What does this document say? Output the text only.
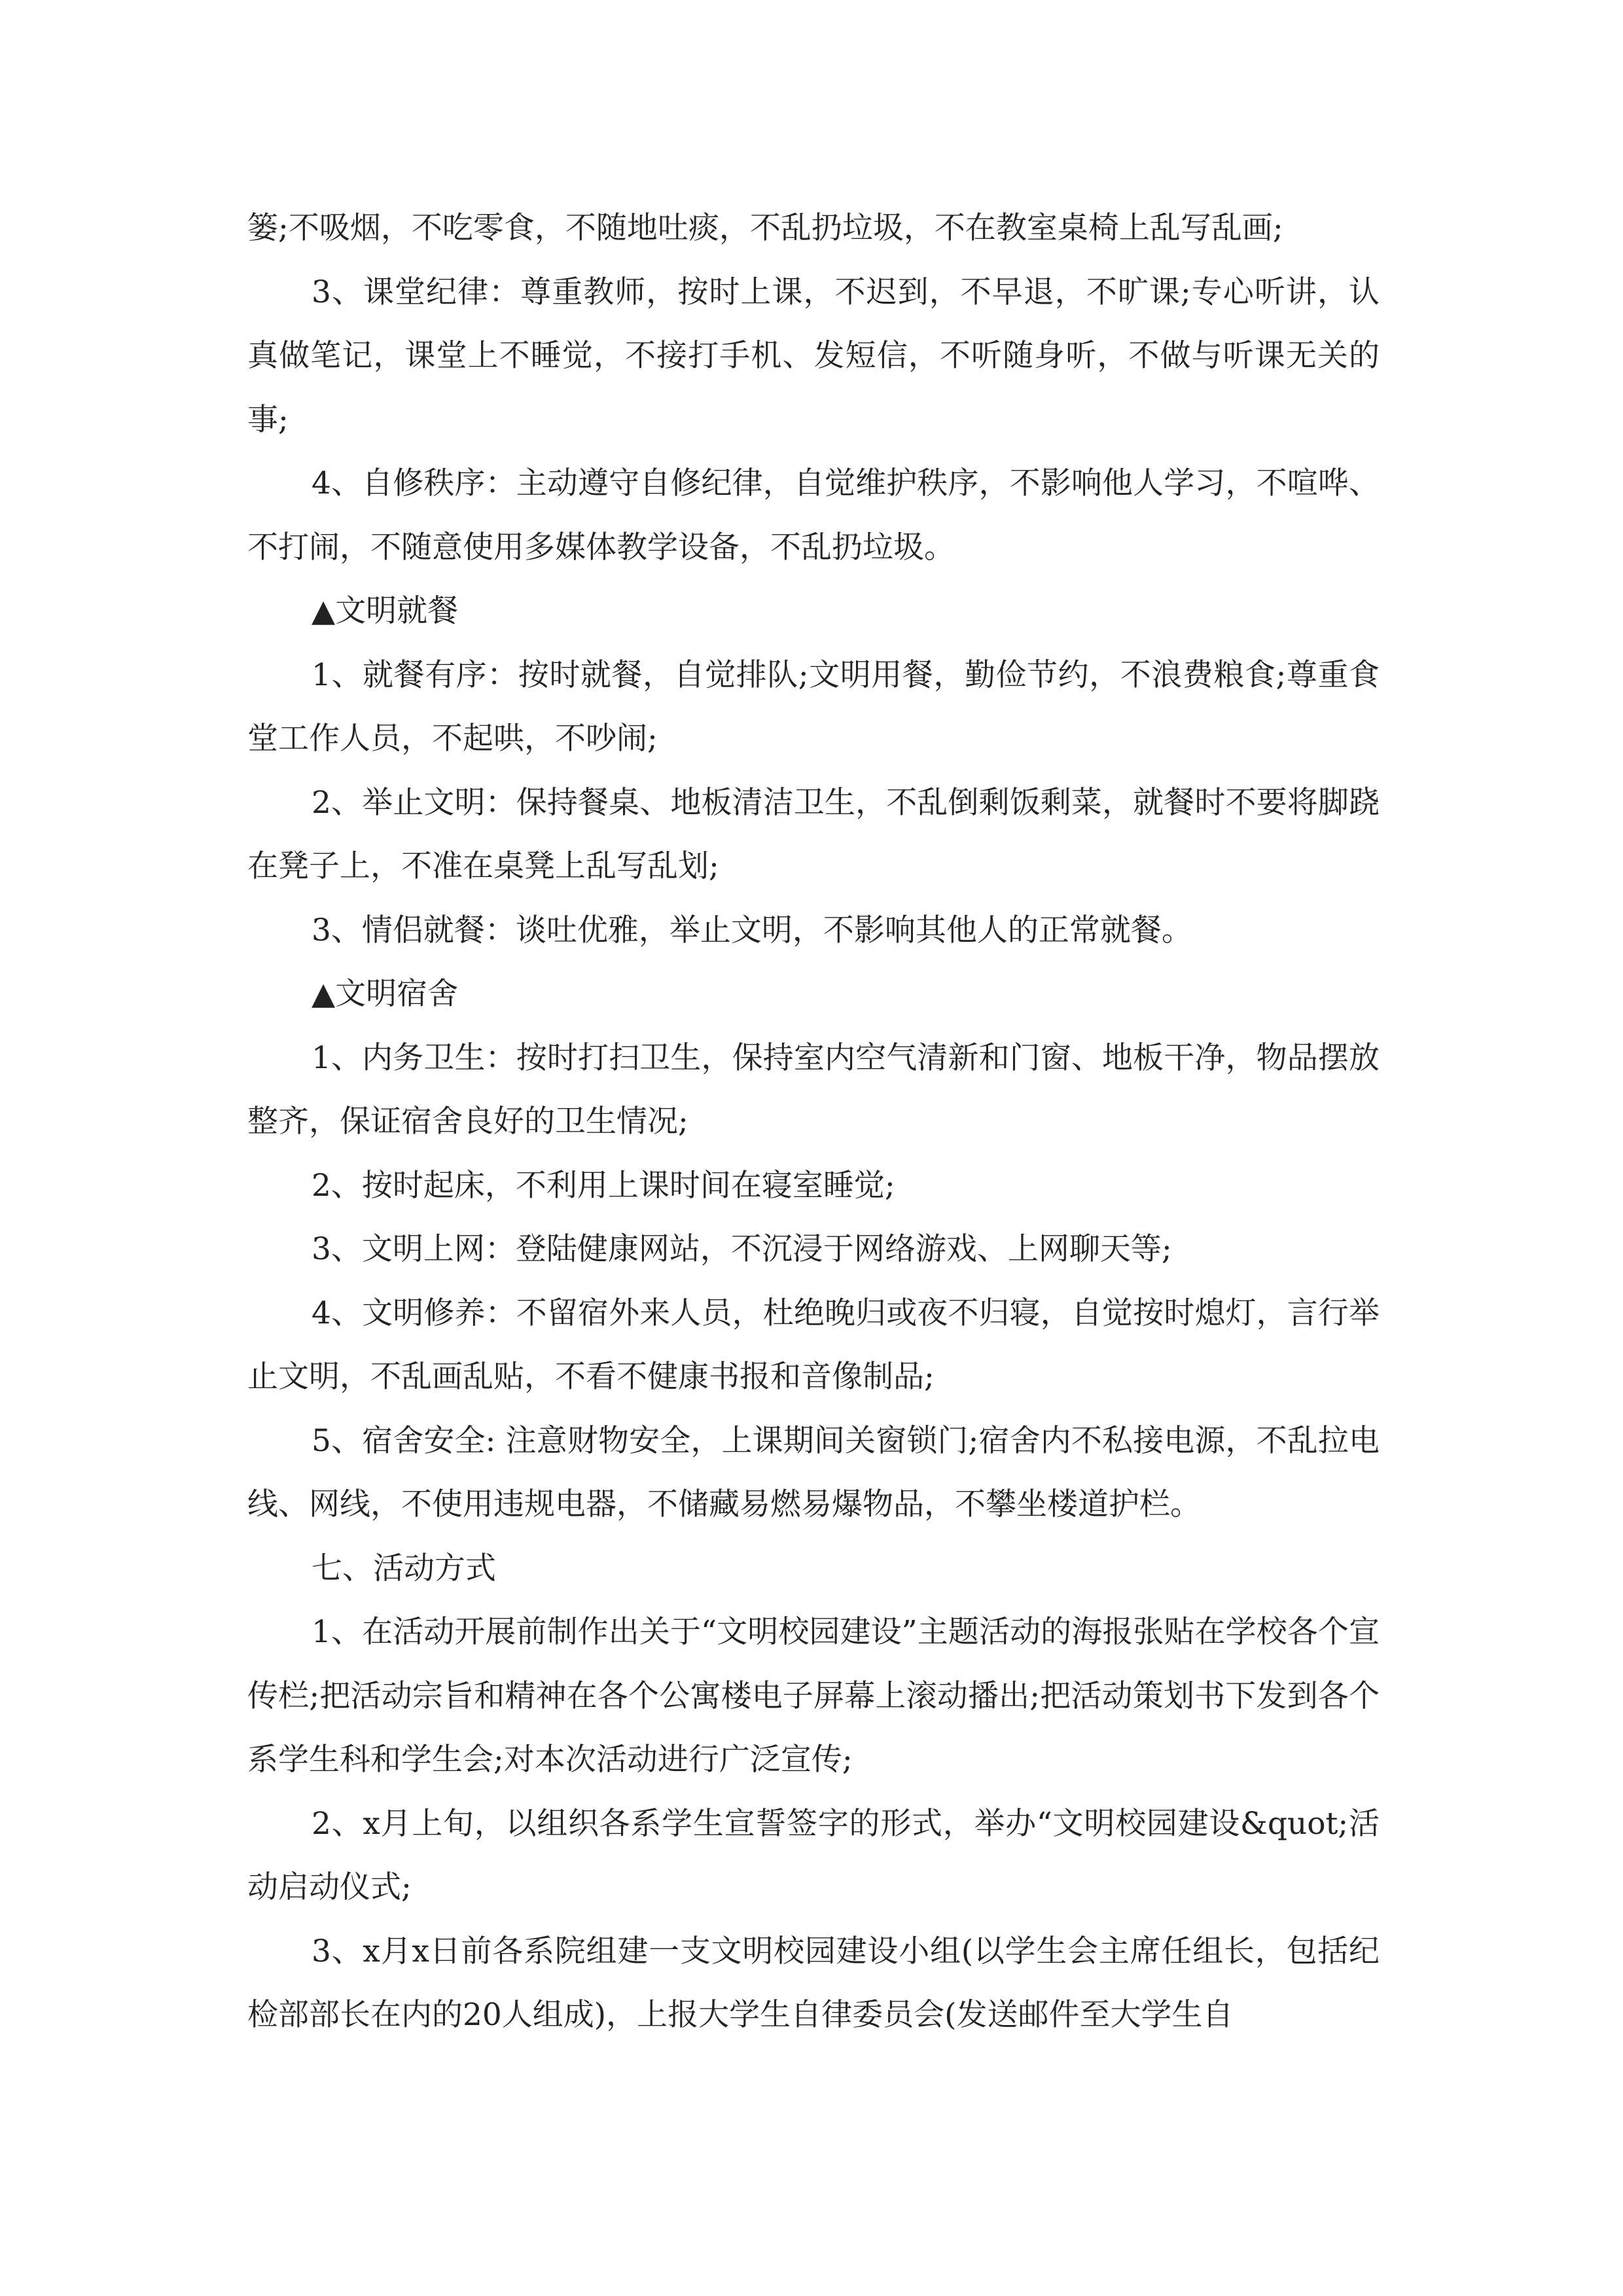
篓;不吸烟，不吃零食，不随地吐痰，不乱扔垃圾，不在教室桌椅上乱写乱画;

3、课堂纪律：尊重教师，按时上课，不迟到，不早退，不旷课;专心听讲，认真做笔记，课堂上不睡觉，不接打手机、发短信，不听随身听，不做与听课无关的事;

4、自修秩序：主动遵守自修纪律，自觉维护秩序，不影响他人学习，不喧哗、不打闹，不随意使用多媒体教学设备，不乱扔垃圾。

▲文明就餐

1、就餐有序：按时就餐，自觉排队;文明用餐，勤俭节约，不浪费粮食;尊重食堂工作人员，不起哄，不吵闹;

2、举止文明：保持餐桌、地板清洁卫生，不乱倒剩饭剩菜，就餐时不要将脚跷在凳子上，不准在桌凳上乱写乱划;

3、情侣就餐：谈吐优雅，举止文明，不影响其他人的正常就餐。

▲文明宿舍

1、内务卫生：按时打扫卫生，保持室内空气清新和门窗、地板干净，物品摆放整齐，保证宿舍良好的卫生情况;

2、按时起床，不利用上课时间在寝室睡觉;

3、文明上网：登陆健康网站，不沉浸于网络游戏、上网聊天等;

4、文明修养：不留宿外来人员，杜绝晚归或夜不归寝，自觉按时熄灯，言行举止文明，不乱画乱贴，不看不健康书报和音像制品;

5、宿舍安全: 注意财物安全，上课期间关窗锁门;宿舍内不私接电源，不乱拉电线、网线，不使用违规电器，不储藏易燃易爆物品，不攀坐楼道护栏。

七、活动方式

1、在活动开展前制作出关于“文明校园建设”主题活动的海报张贴在学校各个宣传栏;把活动宗旨和精神在各个公寓楼电子屏幕上滚动播出;把活动策划书下发到各个系学生科和学生会;对本次活动进行广泛宣传;

2、x月上旬，以组织各系学生宣誓签字的形式，举办“文明校园建设&quot;活动启动仪式;

3、x月x日前各系院组建一支文明校园建设小组(以学生会主席任组长，包括纪检部部长在内的20人组成)，上报大学生自律委员会(发送邮件至大学生自
